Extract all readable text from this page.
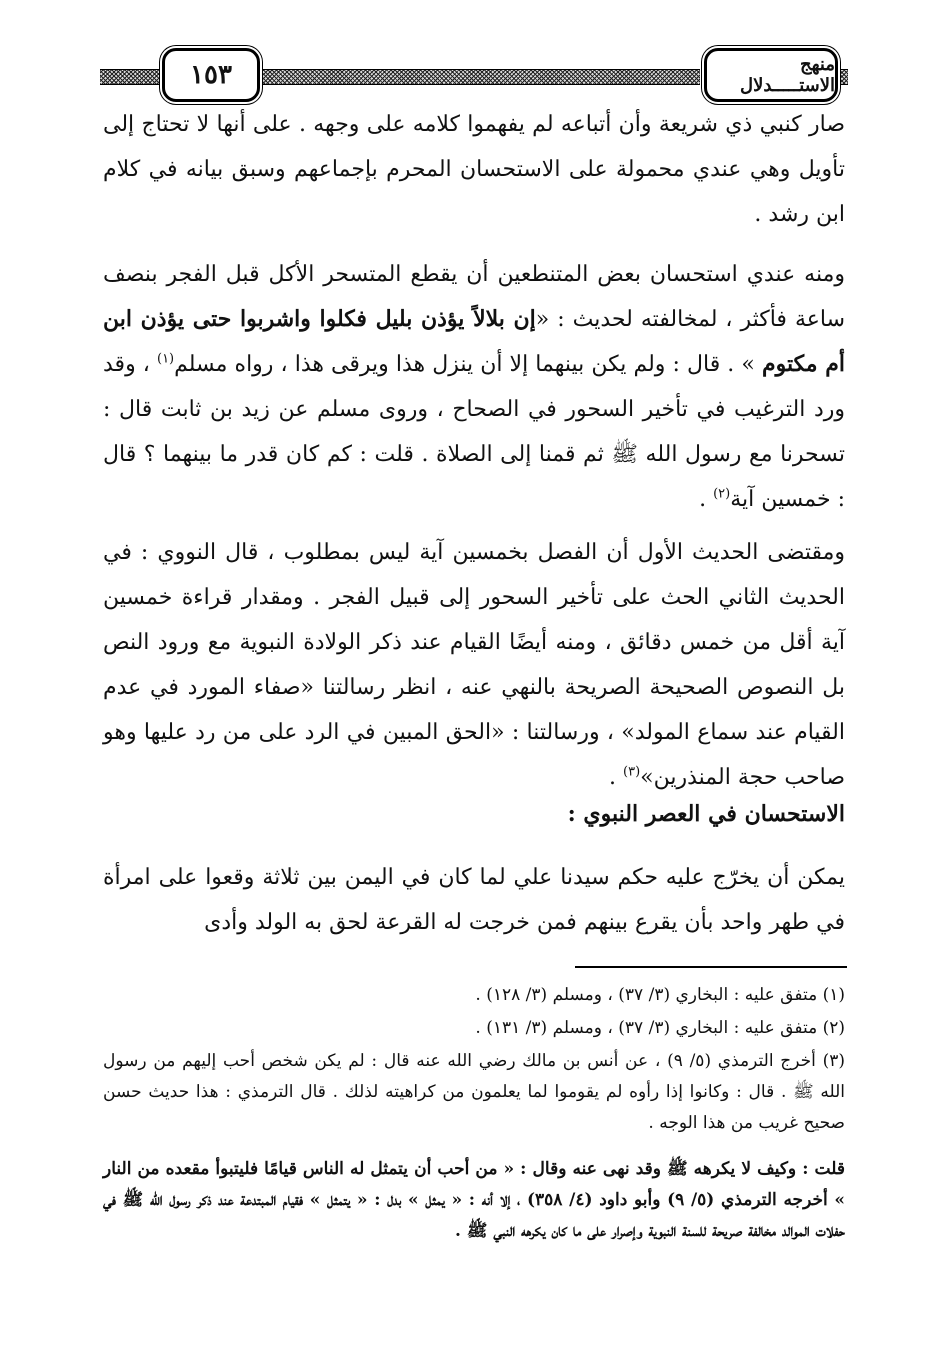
١٥٣	منهج الاستـــــدلال
صار كنبي ذي شريعة وأن أتباعه لم يفهموا كلامه على وجهه . على أنها لا تحتاج إلى تأويل وهي عندي محمولة على الاستحسان المحرم بإجماعهم وسبق بيانه في كلام ابن رشد .
ومنه عندي استحسان بعض المتنطعين أن يقطع المتسحر الأكل قبل الفجر بنصف ساعة فأكثر ، لمخالفته لحديث : «إن بلالاً يؤذن بليل فكلوا واشربوا حتى يؤذن ابن أم مكتوم » . قال : ولم يكن بينهما إلا أن ينزل هذا ويرقى هذا ، رواه مسلم$^{(١)}$ ، وقد ورد الترغيب في تأخير السحور في الصحاح ، وروى مسلم عن زيد بن ثابت قال : تسحرنا مع رسول الله ﷺ ثم قمنا إلى الصلاة . قلت : كم كان قدر ما بينهما ؟ قال : خمسين آية$^{(٢)}$ .
ومقتضى الحديث الأول أن الفصل بخمسين آية ليس بمطلوب ، قال النووي : في الحديث الثاني الحث على تأخير السحور إلى قبيل الفجر . ومقدار قراءة خمسين آية أقل من خمس دقائق ، ومنه أيضًا القيام عند ذكر الولادة النبوية مع ورود النص بل النصوص الصحيحة الصريحة بالنهي عنه ، انظر رسالتنا «صفاء المورد في عدم القيام عند سماع المولد» ، ورسالتنا : «الحق المبين في الرد على من رد عليها وهو صاحب حجة المنذرين»$^{(٣)}$ .
الاستحسان في العصر النبوي :
يمكن أن يخرّج عليه حكم سيدنا علي لما كان في اليمن بين ثلاثة وقعوا على امرأة في طهر واحد بأن يقرع بينهم فمن خرجت له القرعة لحق به الولد وأدى
(١) متفق عليه : البخاري (٣/ ٣٧) ، ومسلم (٣/ ١٢٨) .
(٢) متفق عليه : البخاري (٣/ ٣٧) ، ومسلم (٣/ ١٣١) .
(٣) أخرج الترمذي (٥/ ٩) ، عن أنس بن مالك رضي الله عنه قال : لم يكن شخص أحب إليهم من رسول الله ﷺ . قال : وكانوا إذا رأوه لم يقوموا لما يعلمون من كراهيته لذلك . قال الترمذي : هذا حديث حسن صحيح غريب من هذا الوجه .
قلت : وكيف لا يكرهه ﷺ وقد نهى عنه وقال : « من أحب أن يتمثل له الناس قيامًا فليتبوأ مقعده من النار » أخرجه الترمذي (٥/ ٩) وأبو داود (٤/ ٣٥٨) ، إلا أنه : « يمثل » بدل : « يتمثل » فقيام المبتدعة عند ذكر رسول الله ﷺ في حفلات الموالد مخالفة صريحة للسنة النبوية وإصرار على ما كان يكرهه النبي ﷺ .
